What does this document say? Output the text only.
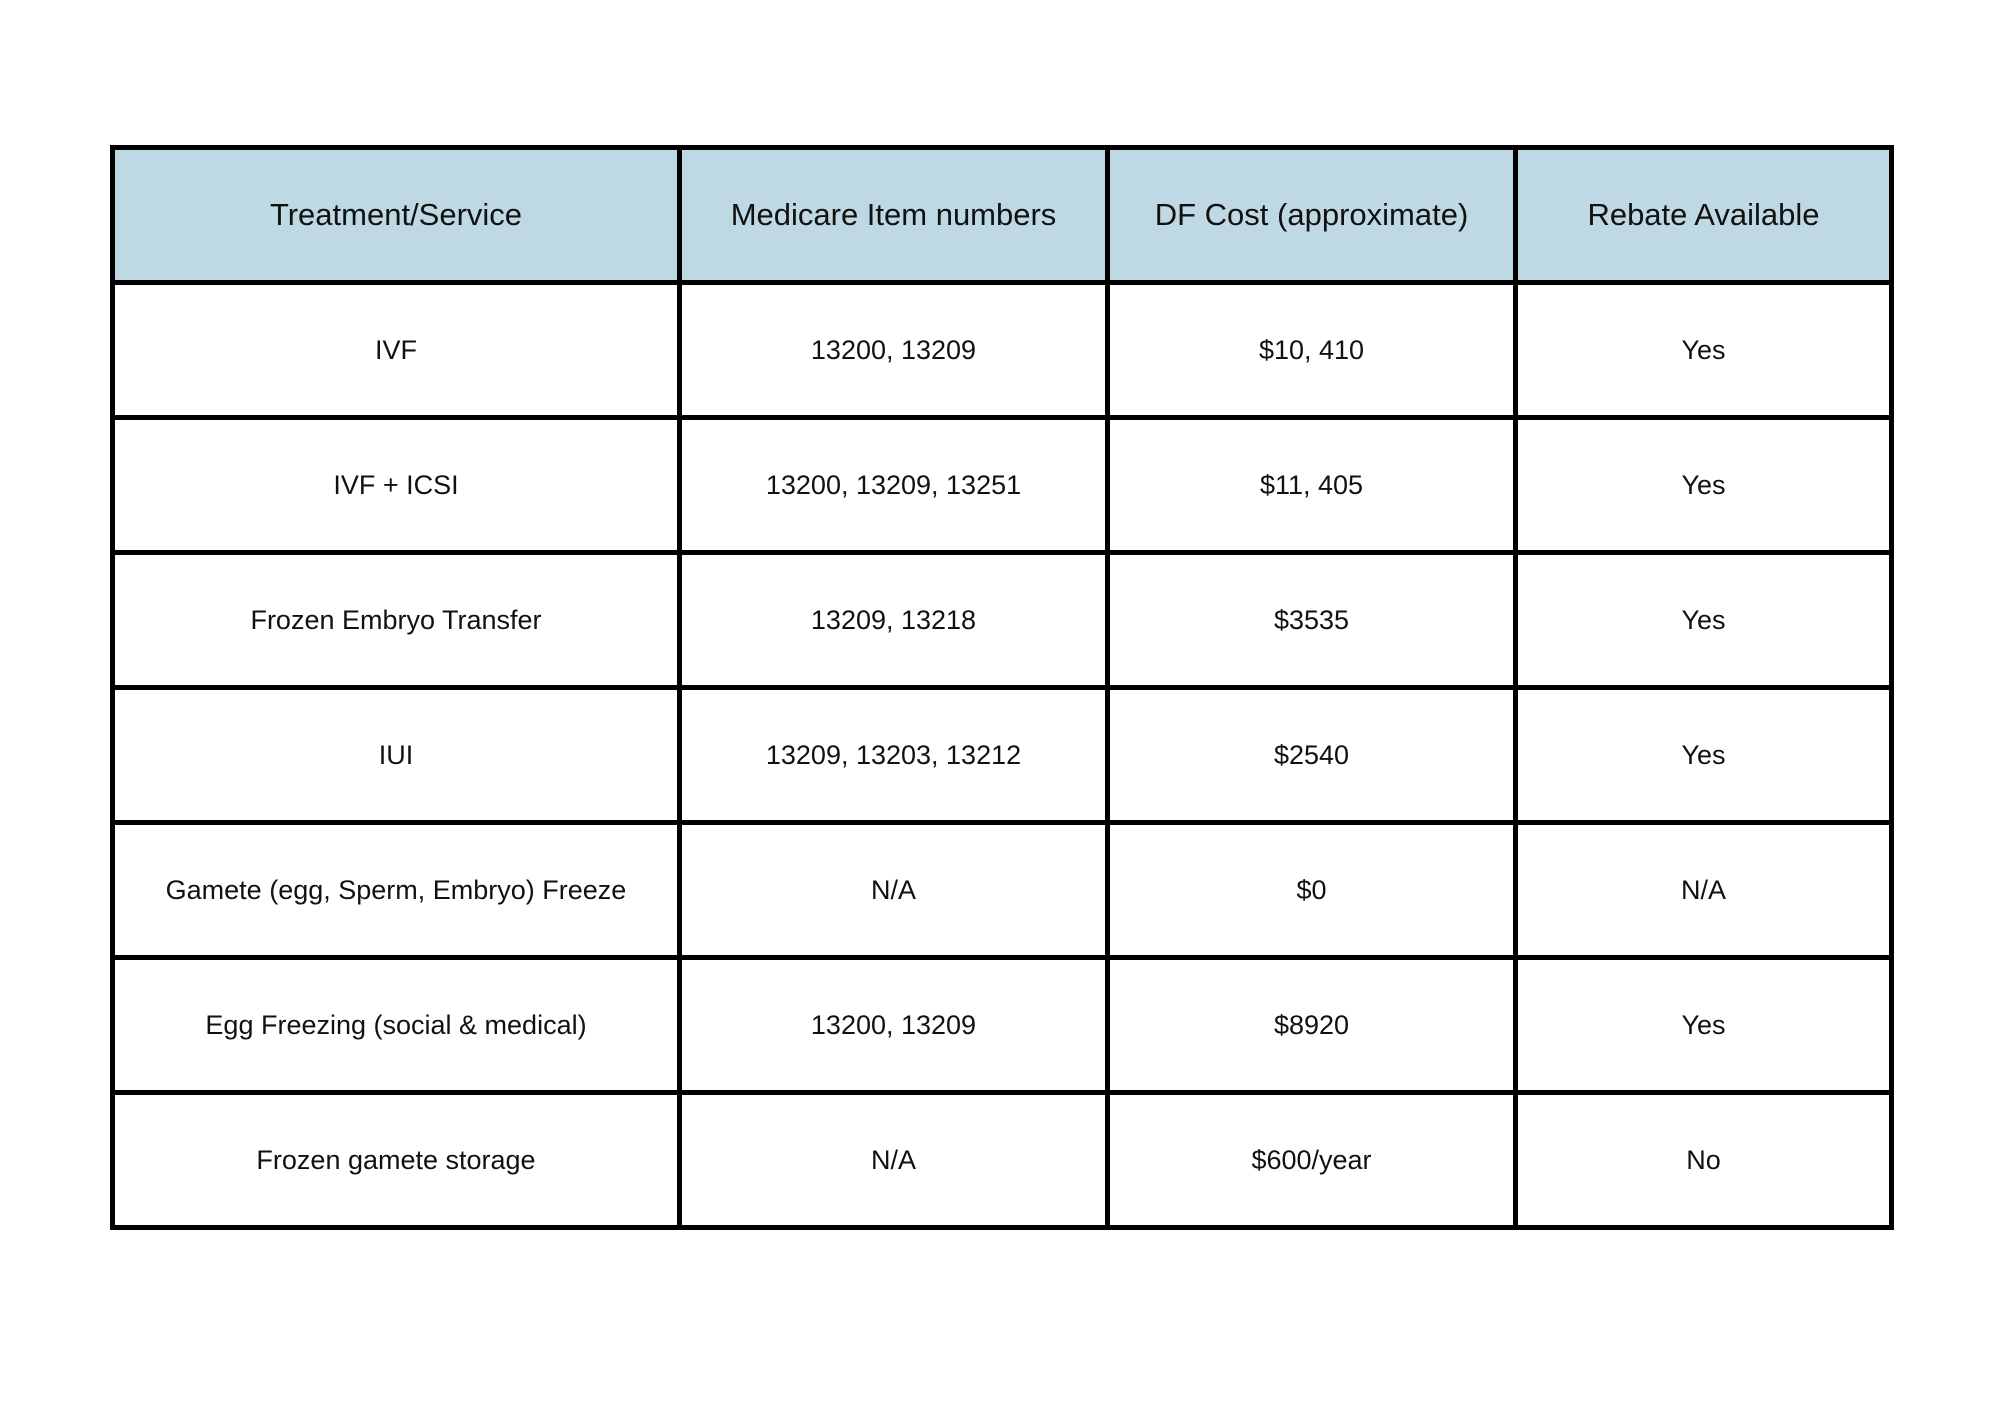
Treatment/Service	Medicare Item numbers	DF Cost (approximate)	Rebate Available
IVF	13200, 13209	$10, 410	Yes
IVF + ICSI	13200, 13209, 13251	$11, 405	Yes
Frozen Embryo Transfer	13209, 13218	$3535	Yes
IUI	13209, 13203, 13212	$2540	Yes
Gamete (egg, Sperm, Embryo) Freeze	N/A	$0	N/A
Egg Freezing (social & medical)	13200, 13209	$8920	Yes
Frozen gamete storage	N/A	$600/year	No
